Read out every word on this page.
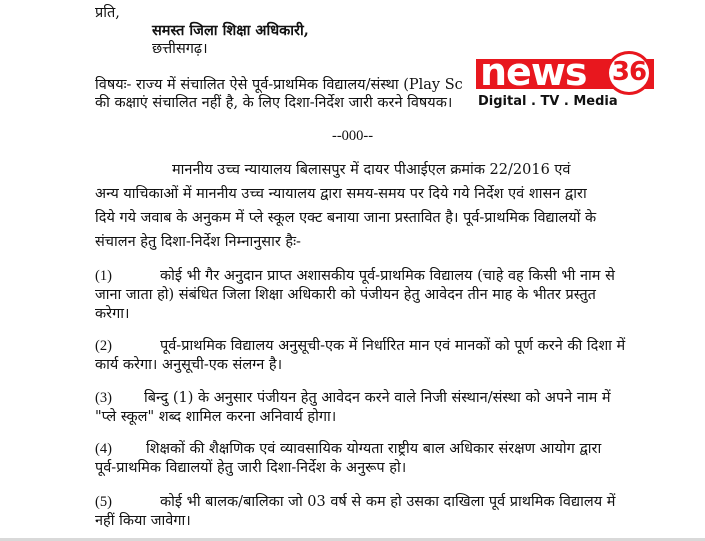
प्रति,
समस्त जिला शिक्षा अधिकारी,
छत्तीसगढ़।
विषयः- राज्य में संचालित ऐसे पूर्व-प्राथमिक विद्यालय/संस्था (Play Sc
की कक्षाएं संचालित नहीं है, के लिए दिशा-निर्देश जारी करने विषयक।
--000--
माननीय उच्च न्यायालय बिलासपुर में दायर पीआईएल क्रमांक 22/2016 एवं
अन्य याचिकाओं में माननीय उच्च न्यायालय द्वारा समय-समय पर दिये गये निर्देश एवं शासन द्वारा
दिये गये जवाब के अनुकम में प्ले स्कूल एक्ट बनाया जाना प्रस्तावित है। पूर्व-प्राथमिक विद्यालयों के
संचालन हेतु दिशा-निर्देश निम्नानुसार हैः-
(1)	कोई भी गैर अनुदान प्राप्त अशासकीय पूर्व-प्राथमिक विद्यालय (चाहे वह किसी भी नाम से
जाना जाता हो) संबंधित जिला शिक्षा अधिकारी को पंजीयन हेतु आवेदन तीन माह के भीतर प्रस्तुत
करेगा।
(2)	पूर्व-प्राथमिक विद्यालय अनुसूची-एक में निर्धारित मान एवं मानकों को पूर्ण करने की दिशा में
कार्य करेगा। अनुसूची-एक संलग्न है।
(3) बिन्दु (1) के अनुसार पंजीयन हेतु आवेदन करने वाले निजी संस्थान/संस्था को अपने नाम में
"प्ले स्कूल" शब्द शामिल करना अनिवार्य होगा।
(4) शिक्षकों की शैक्षणिक एवं व्यावसायिक योग्यता राष्ट्रीय बाल अधिकार संरक्षण आयोग द्वारा
पूर्व-प्राथमिक विद्यालयों हेतु जारी दिशा-निर्देश के अनुरूप हो।
(5)	कोई भी बालक/बालिका जो 03 वर्ष से कम हो उसका दाखिला पूर्व प्राथमिक विद्यालय में
नहीं किया जावेगा।
news 36
Digital . TV . Media
